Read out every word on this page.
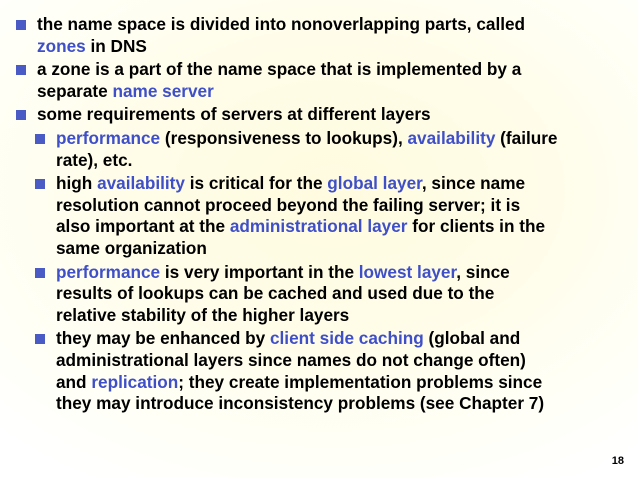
the name space is divided into nonoverlapping parts, called
zones in DNS
a zone is a part of the name space that is implemented by a
separate name server
some requirements of servers at different layers
performance (responsiveness to lookups), availability (failure
rate), etc.
high availability is critical for the global layer, since name
resolution cannot proceed beyond the failing server; it is
also important at the administrational layer for clients in the
same organization
performance is very important in the lowest layer, since
results of lookups can be cached and used due to the
relative stability of the higher layers
they may be enhanced by client side caching (global and
administrational layers since names do not change often)
and replication; they create implementation problems since
they may introduce inconsistency problems (see Chapter 7)
18
